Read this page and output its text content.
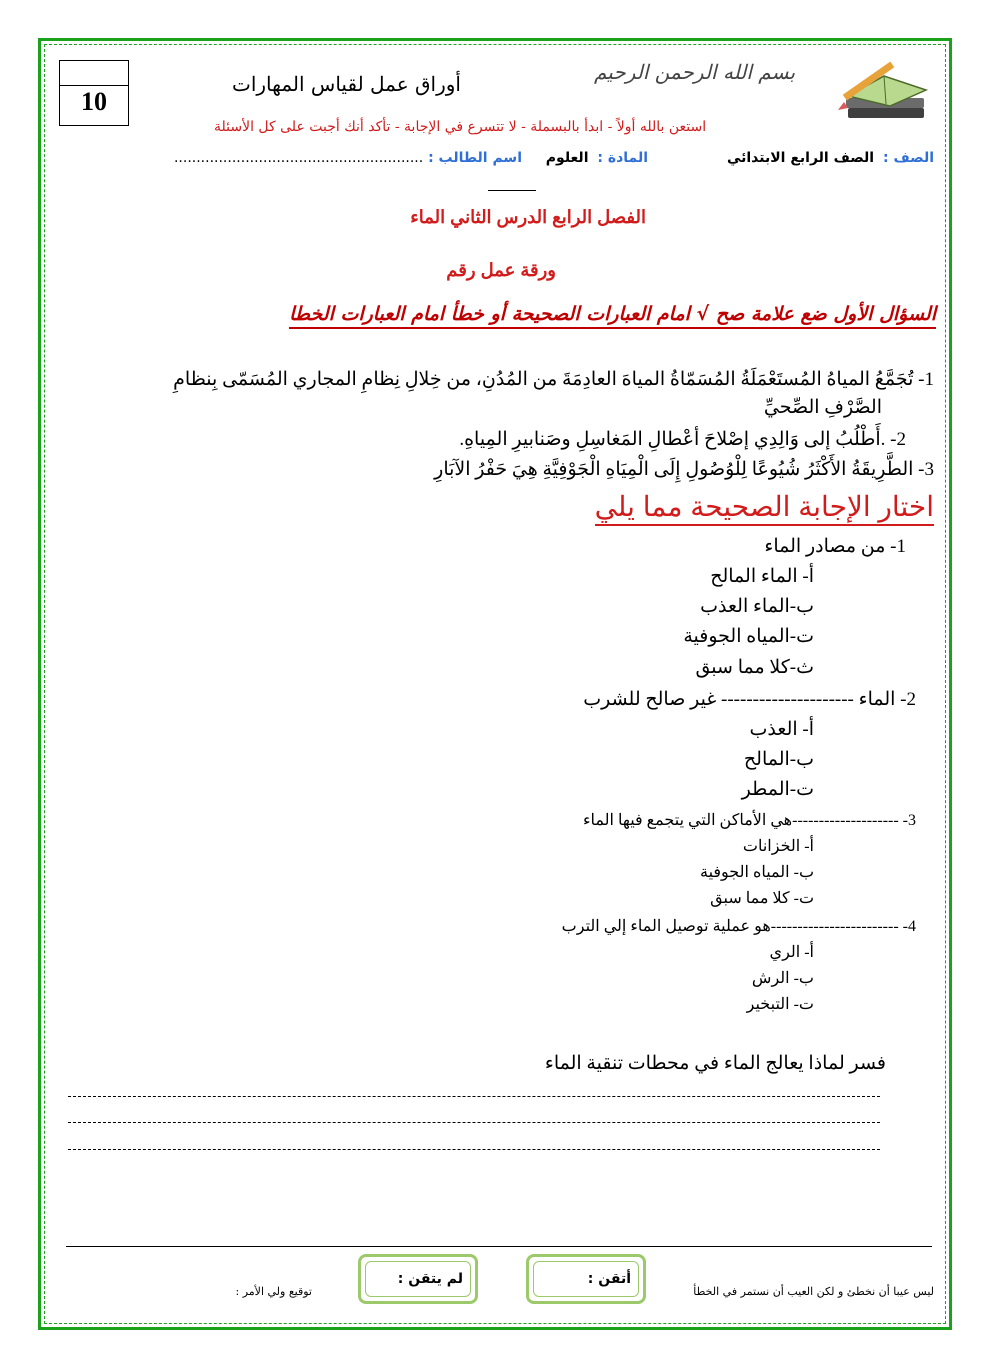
10
بسم الله الرحمن الرحيم
أوراق عمل لقياس المهارات
استعن بالله أولاً - ابدأ بالبسملة - لا تتسرع في الإجابة - تأكد أنك أجبت على كل الأسئلة
الصف : الصف الرابع الابتدائي
المادة : العلوم
اسم الطالب : ........................................................
الفصل الرابع الدرس الثاني الماء
ورقة عمل رقم
السؤال الأول ضع علامة صح √ امام العبارات الصحيحة أو خطأ امام العبارات الخطا
1- تُجَمَّعُ المياهُ المُستَعْمَلَةُ المُسَمّاةُ المياهَ العادِمَةَ من المُدُنِ، من خِلالِ نِظامِ المجاري المُسَمّى بِنظامِ
الصَّرْفِ الصِّحيِّ
2- .أَطْلُبُ إلى وَالِدِي إصْلاحَ أعْطالِ المَغاسِلِ وصَنابيرِ المِياهِ.
3- الطَّرِيقَةُ الأَكْثَرُ شُيُوعًا لِلْوُصُولِ إِلَى الْمِيَاهِ الْجَوْفِيَّةِ هِيَ حَفْرُ الآبَارِ
اختار الإجابة الصحيحة مما يلي
1- من مصادر الماء
أ- الماء المالح
ب-الماء العذب
ت-المياه الجوفية
ث-كلا مما سبق
2- الماء --------------------- غير صالح للشرب
أ- العذب
ب-المالح
ت-المطر
3- --------------------هي الأماكن التي يتجمع فيها الماء
أ- الخزانات
ب- المياه الجوفية
ت- كلا مما سبق
4- ------------------------هو عملية توصيل الماء إلي الترب
أ- الري
ب- الرش
ت- التبخير
فسر لماذا يعالج الماء في محطات تنقية الماء
ليس عيبا أن نخطئ و لكن العيب أن نستمر في الخطأ
أتقن :
لم يتقن :
توقيع ولي الأمر :
